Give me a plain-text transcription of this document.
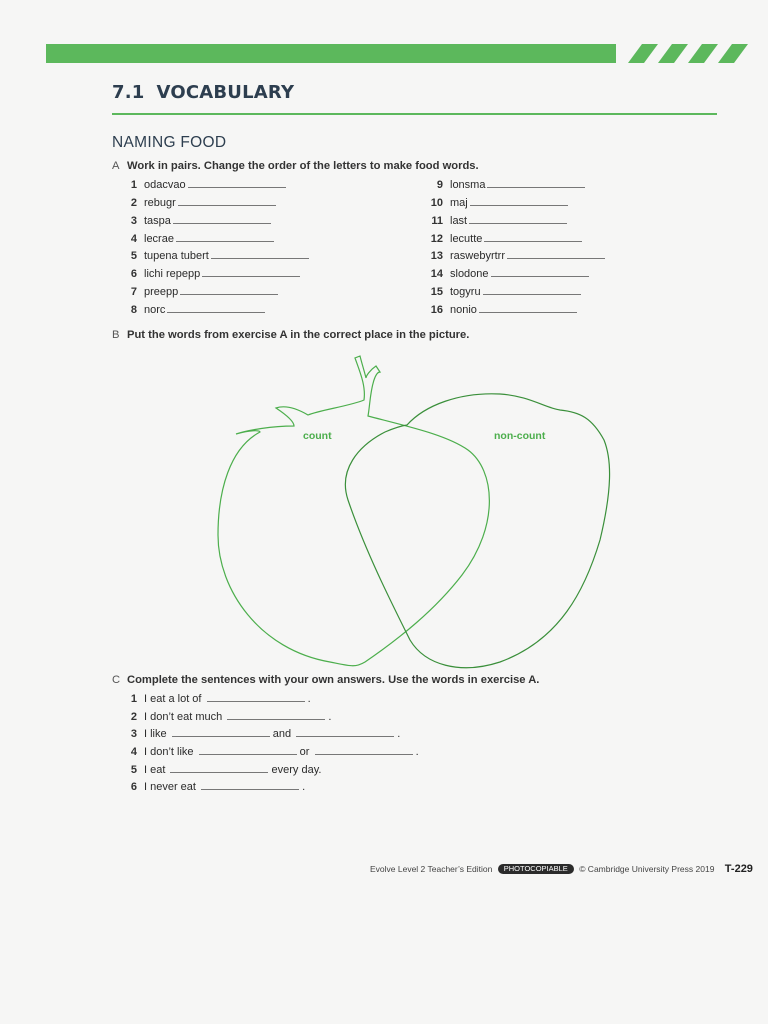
7.1 VOCABULARY
NAMING FOOD
A Work in pairs. Change the order of the letters to make food words.
1 odacvao
2 rebugr
3 taspa
4 lecrae
5 tupena tubert
6 lichi repepp
7 preepp
8 norc
9 lonsma
10 maj
11 last
12 lecutte
13 raswebyrtrr
14 slodone
15 togyru
16 nonio
B Put the words from exercise A in the correct place in the picture.
count	non-count
C Complete the sentences with your own answers. Use the words in exercise A.
1 I eat a lot of	.
2 I don’t eat much	.
3 I like	and	.
4 I don’t like	or	.
5 I eat	every day.
6 I never eat	.
Evolve Level 2 Teacher’s Edition PHOTOCOPIABLE © Cambridge University Press 2019 T-229
